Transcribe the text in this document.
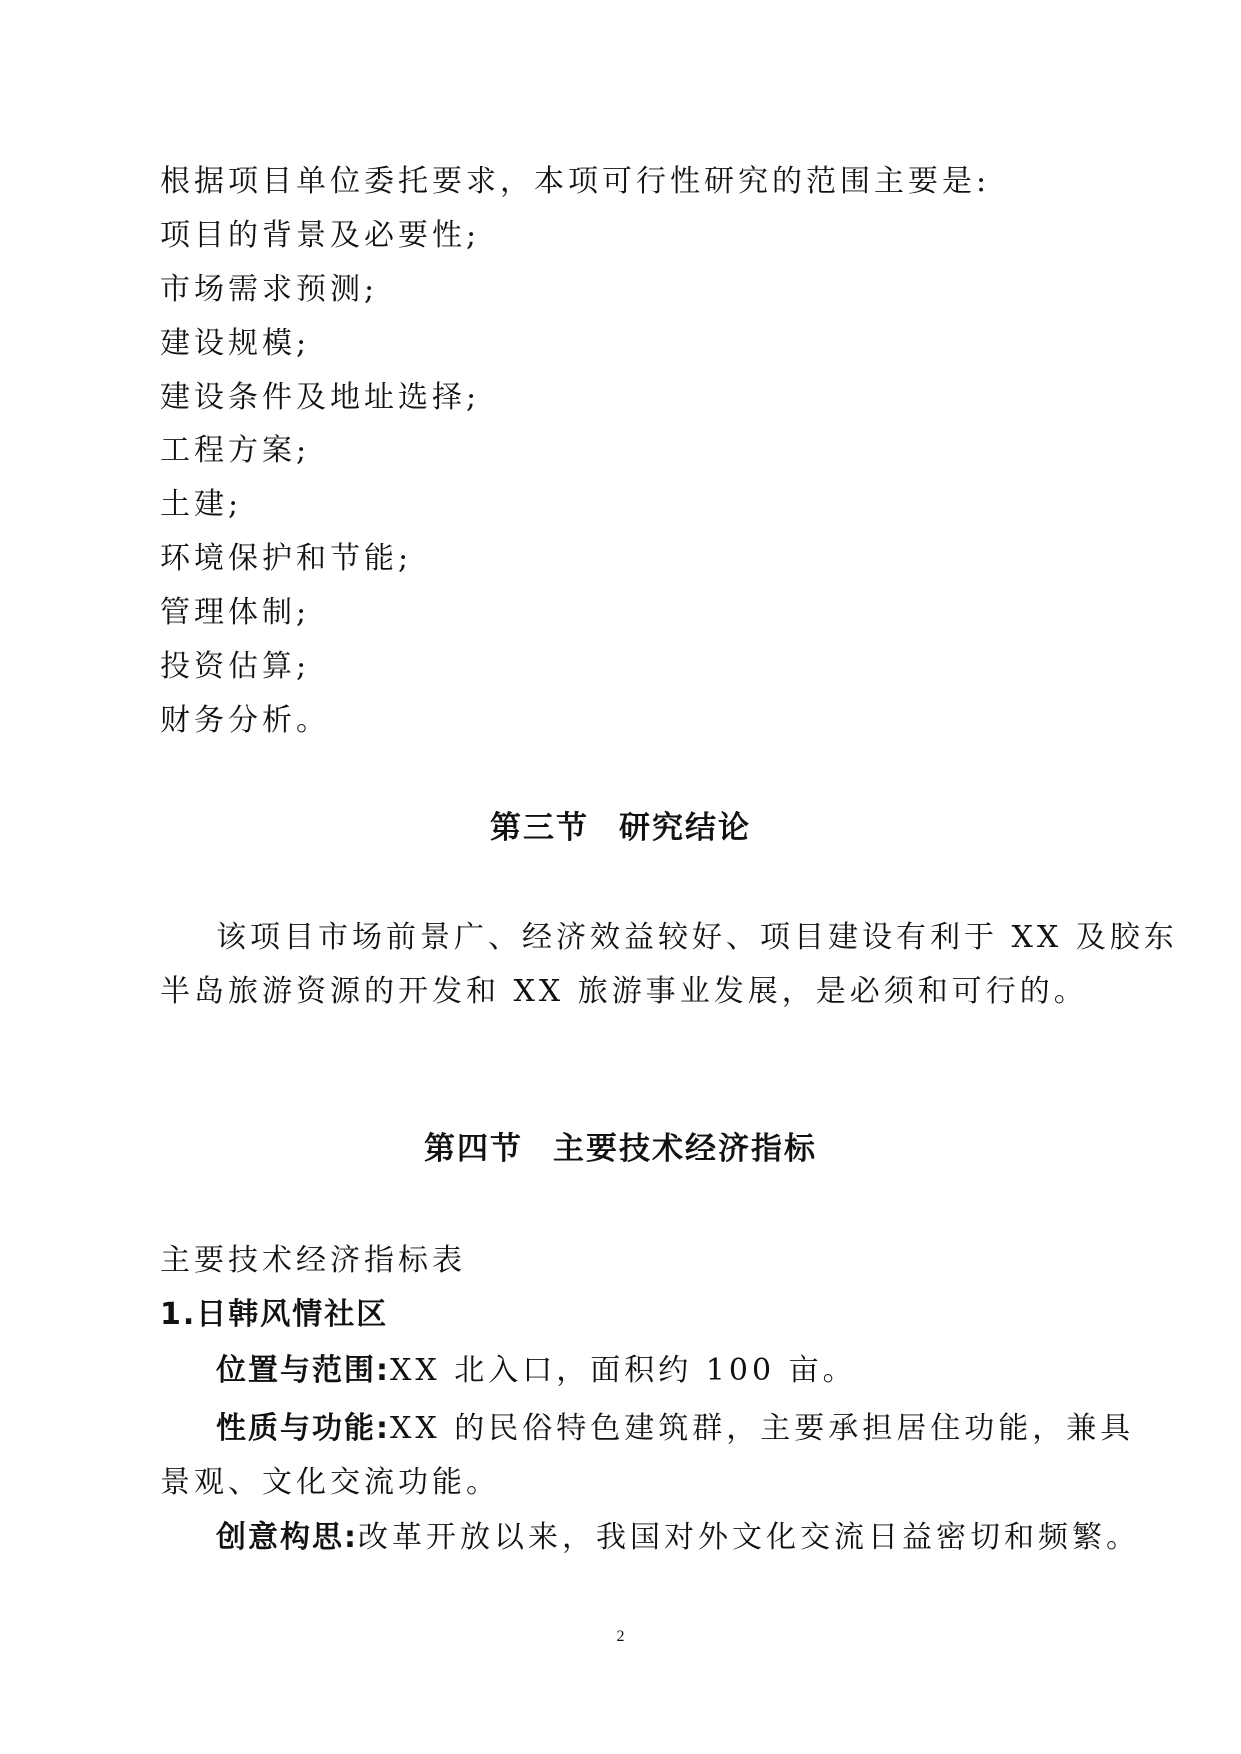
根据项目单位委托要求，本项可行性研究的范围主要是:
项目的背景及必要性;
市场需求预测;
建设规模;
建设条件及地址选择;
工程方案;
土建;
环境保护和节能;
管理体制;
投资估算;
财务分析。
第三节 研究结论
该项目市场前景广、经济效益较好、项目建设有利于 XX 及胶东
半岛旅游资源的开发和 XX 旅游事业发展，是必须和可行的。
第四节 主要技术经济指标
主要技术经济指标表
1.日韩风情社区
位置与范围:XX 北入口，面积约 100 亩。
性质与功能:XX 的民俗特色建筑群，主要承担居住功能，兼具
景观、文化交流功能。
创意构思:改革开放以来，我国对外文化交流日益密切和频繁。
2
